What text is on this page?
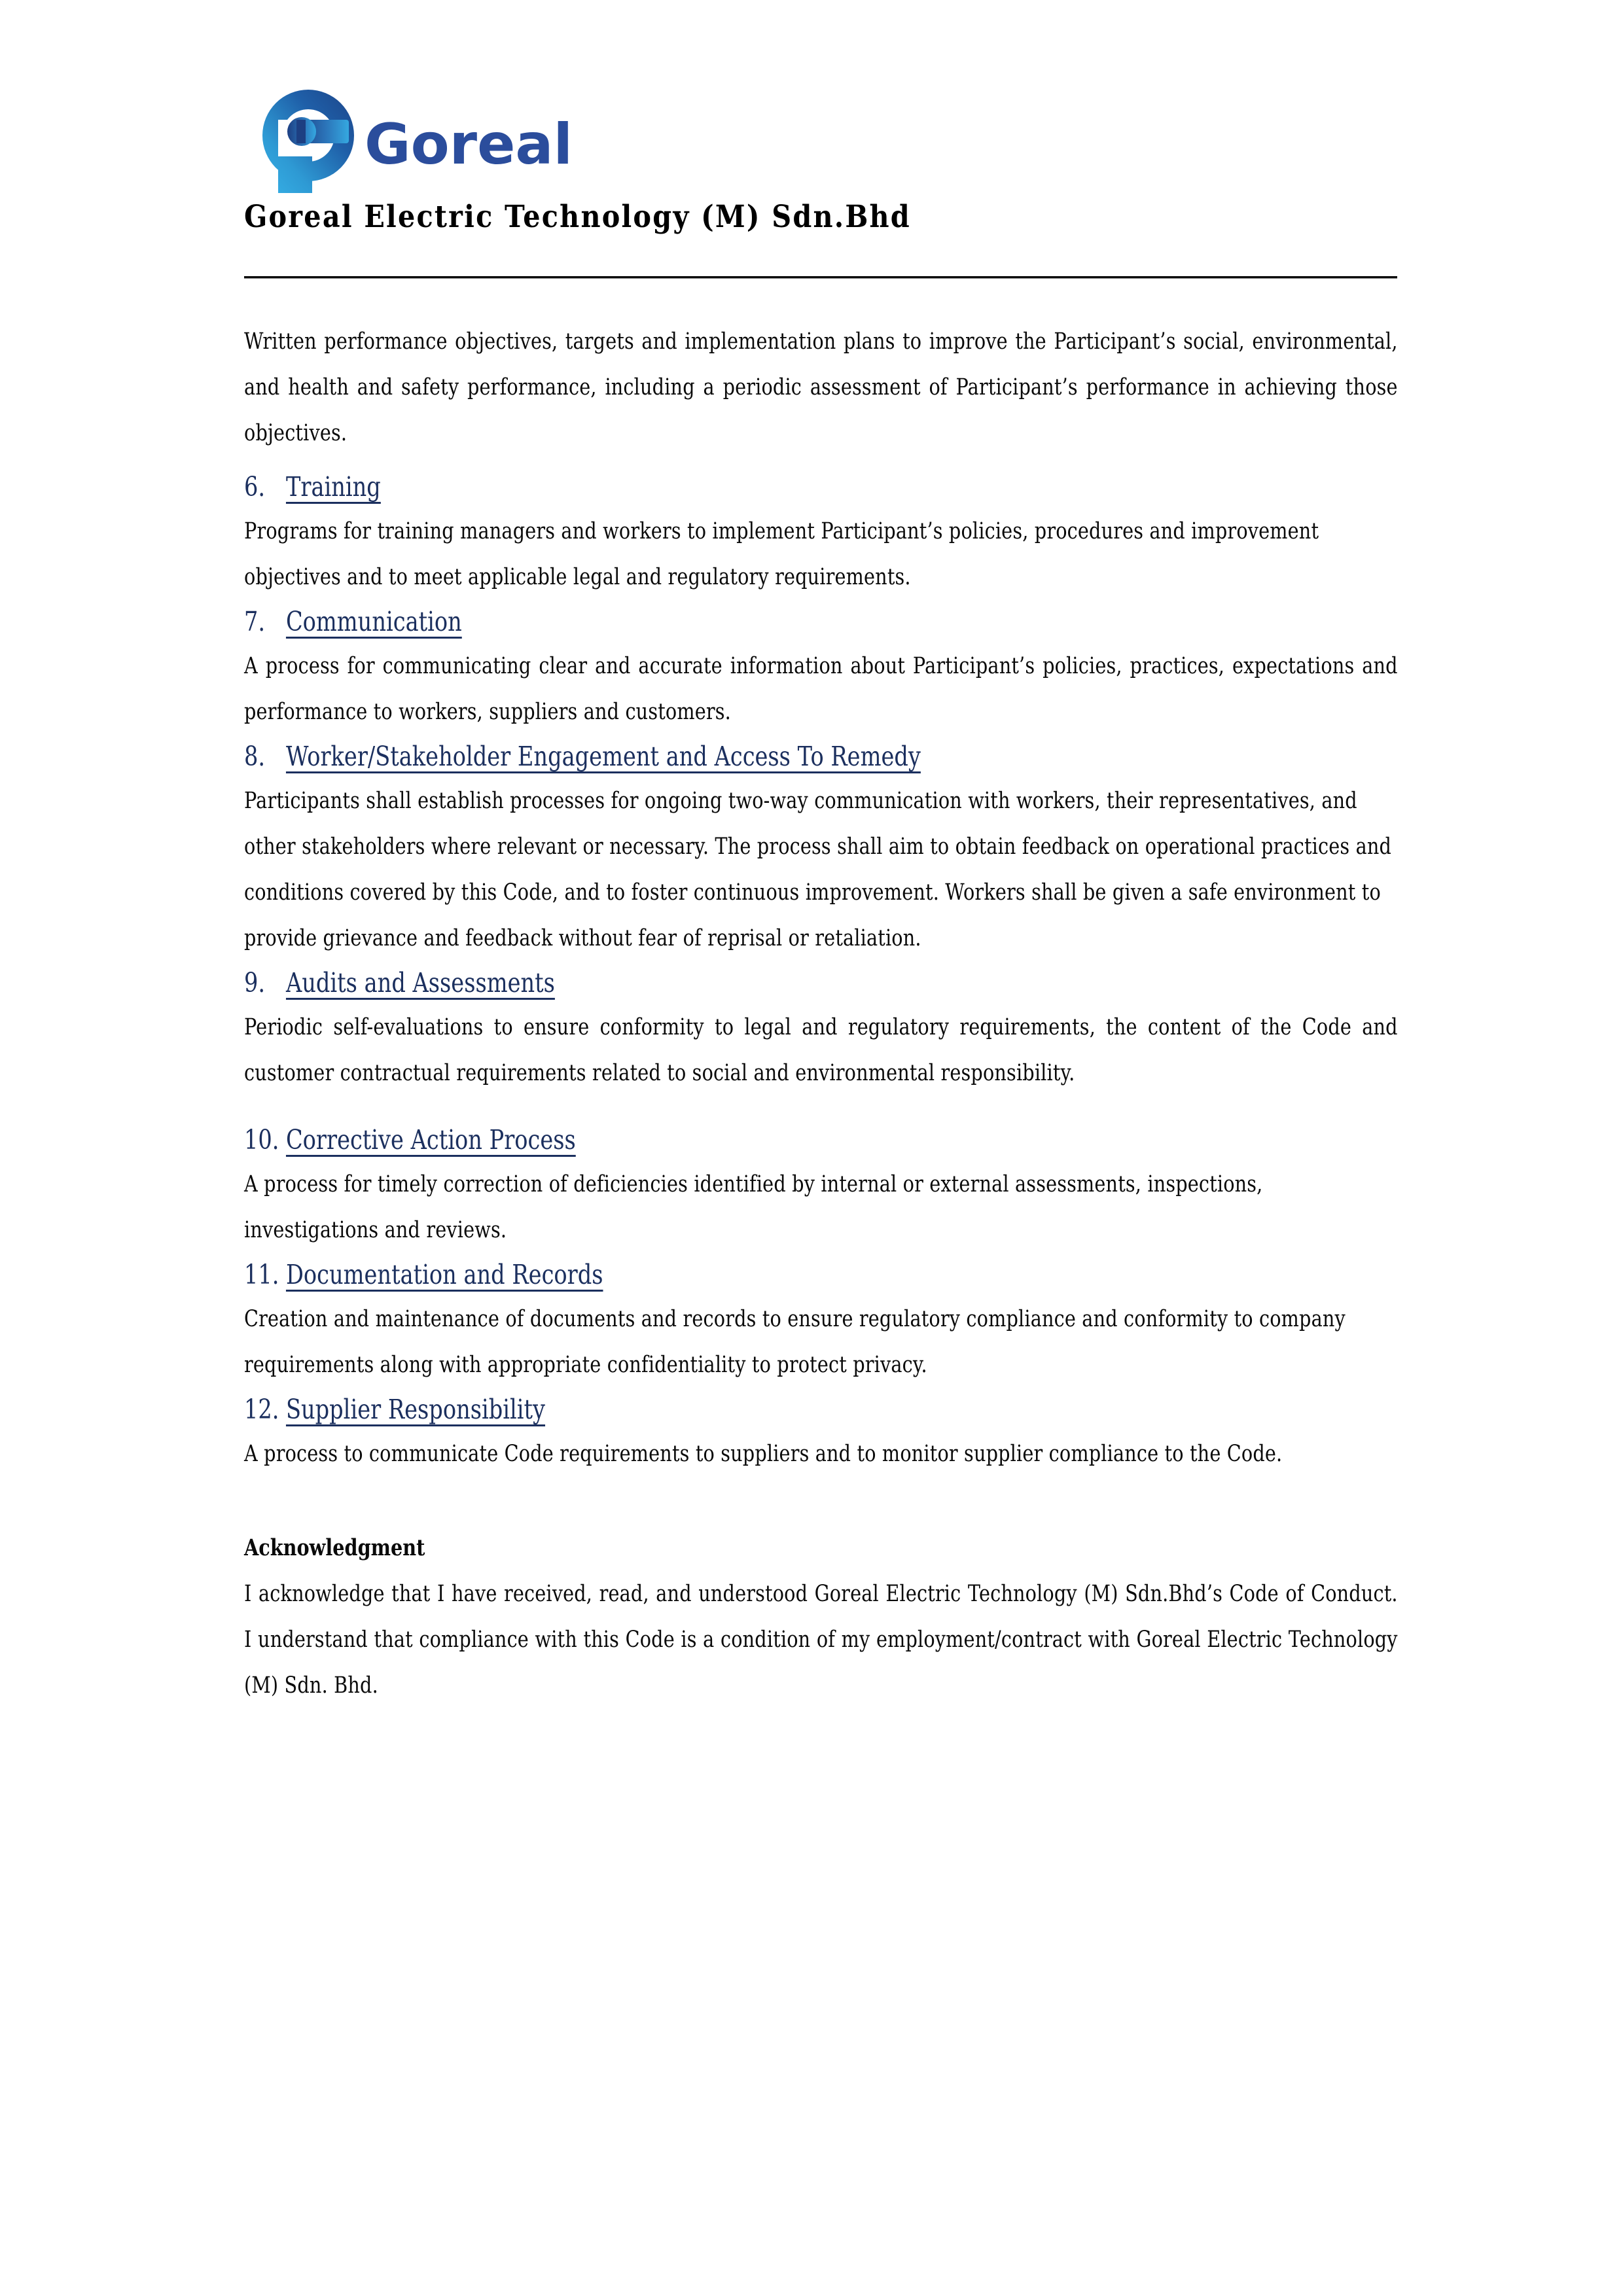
Goreal
Goreal Electric Technology (M) Sdn.Bhd

Written performance objectives, targets and implementation plans to improve the Participant’s social, environmental, and health and safety performance, including a periodic assessment of Participant’s performance in achieving those objectives.

6. Training

Programs for training managers and workers to implement Participant’s policies, procedures and improvement objectives and to meet applicable legal and regulatory requirements.

7. Communication

A process for communicating clear and accurate information about Participant’s policies, practices, expectations and performance to workers, suppliers and customers.

8. Worker/Stakeholder Engagement and Access To Remedy

Participants shall establish processes for ongoing two-way communication with workers, their representatives, and other stakeholders where relevant or necessary. The process shall aim to obtain feedback on operational practices and conditions covered by this Code, and to foster continuous improvement. Workers shall be given a safe environment to provide grievance and feedback without fear of reprisal or retaliation.

9. Audits and Assessments

Periodic self-evaluations to ensure conformity to legal and regulatory requirements, the content of the Code and customer contractual requirements related to social and environmental responsibility.

10. Corrective Action Process

A process for timely correction of deficiencies identified by internal or external assessments, inspections, investigations and reviews.

11. Documentation and Records

Creation and maintenance of documents and records to ensure regulatory compliance and conformity to company requirements along with appropriate confidentiality to protect privacy.

12. Supplier Responsibility

A process to communicate Code requirements to suppliers and to monitor supplier compliance to the Code.

Acknowledgment

I acknowledge that I have received, read, and understood Goreal Electric Technology (M) Sdn.Bhd’s Code of Conduct. I understand that compliance with this Code is a condition of my employment/contract with Goreal Electric Technology (M) Sdn. Bhd.
